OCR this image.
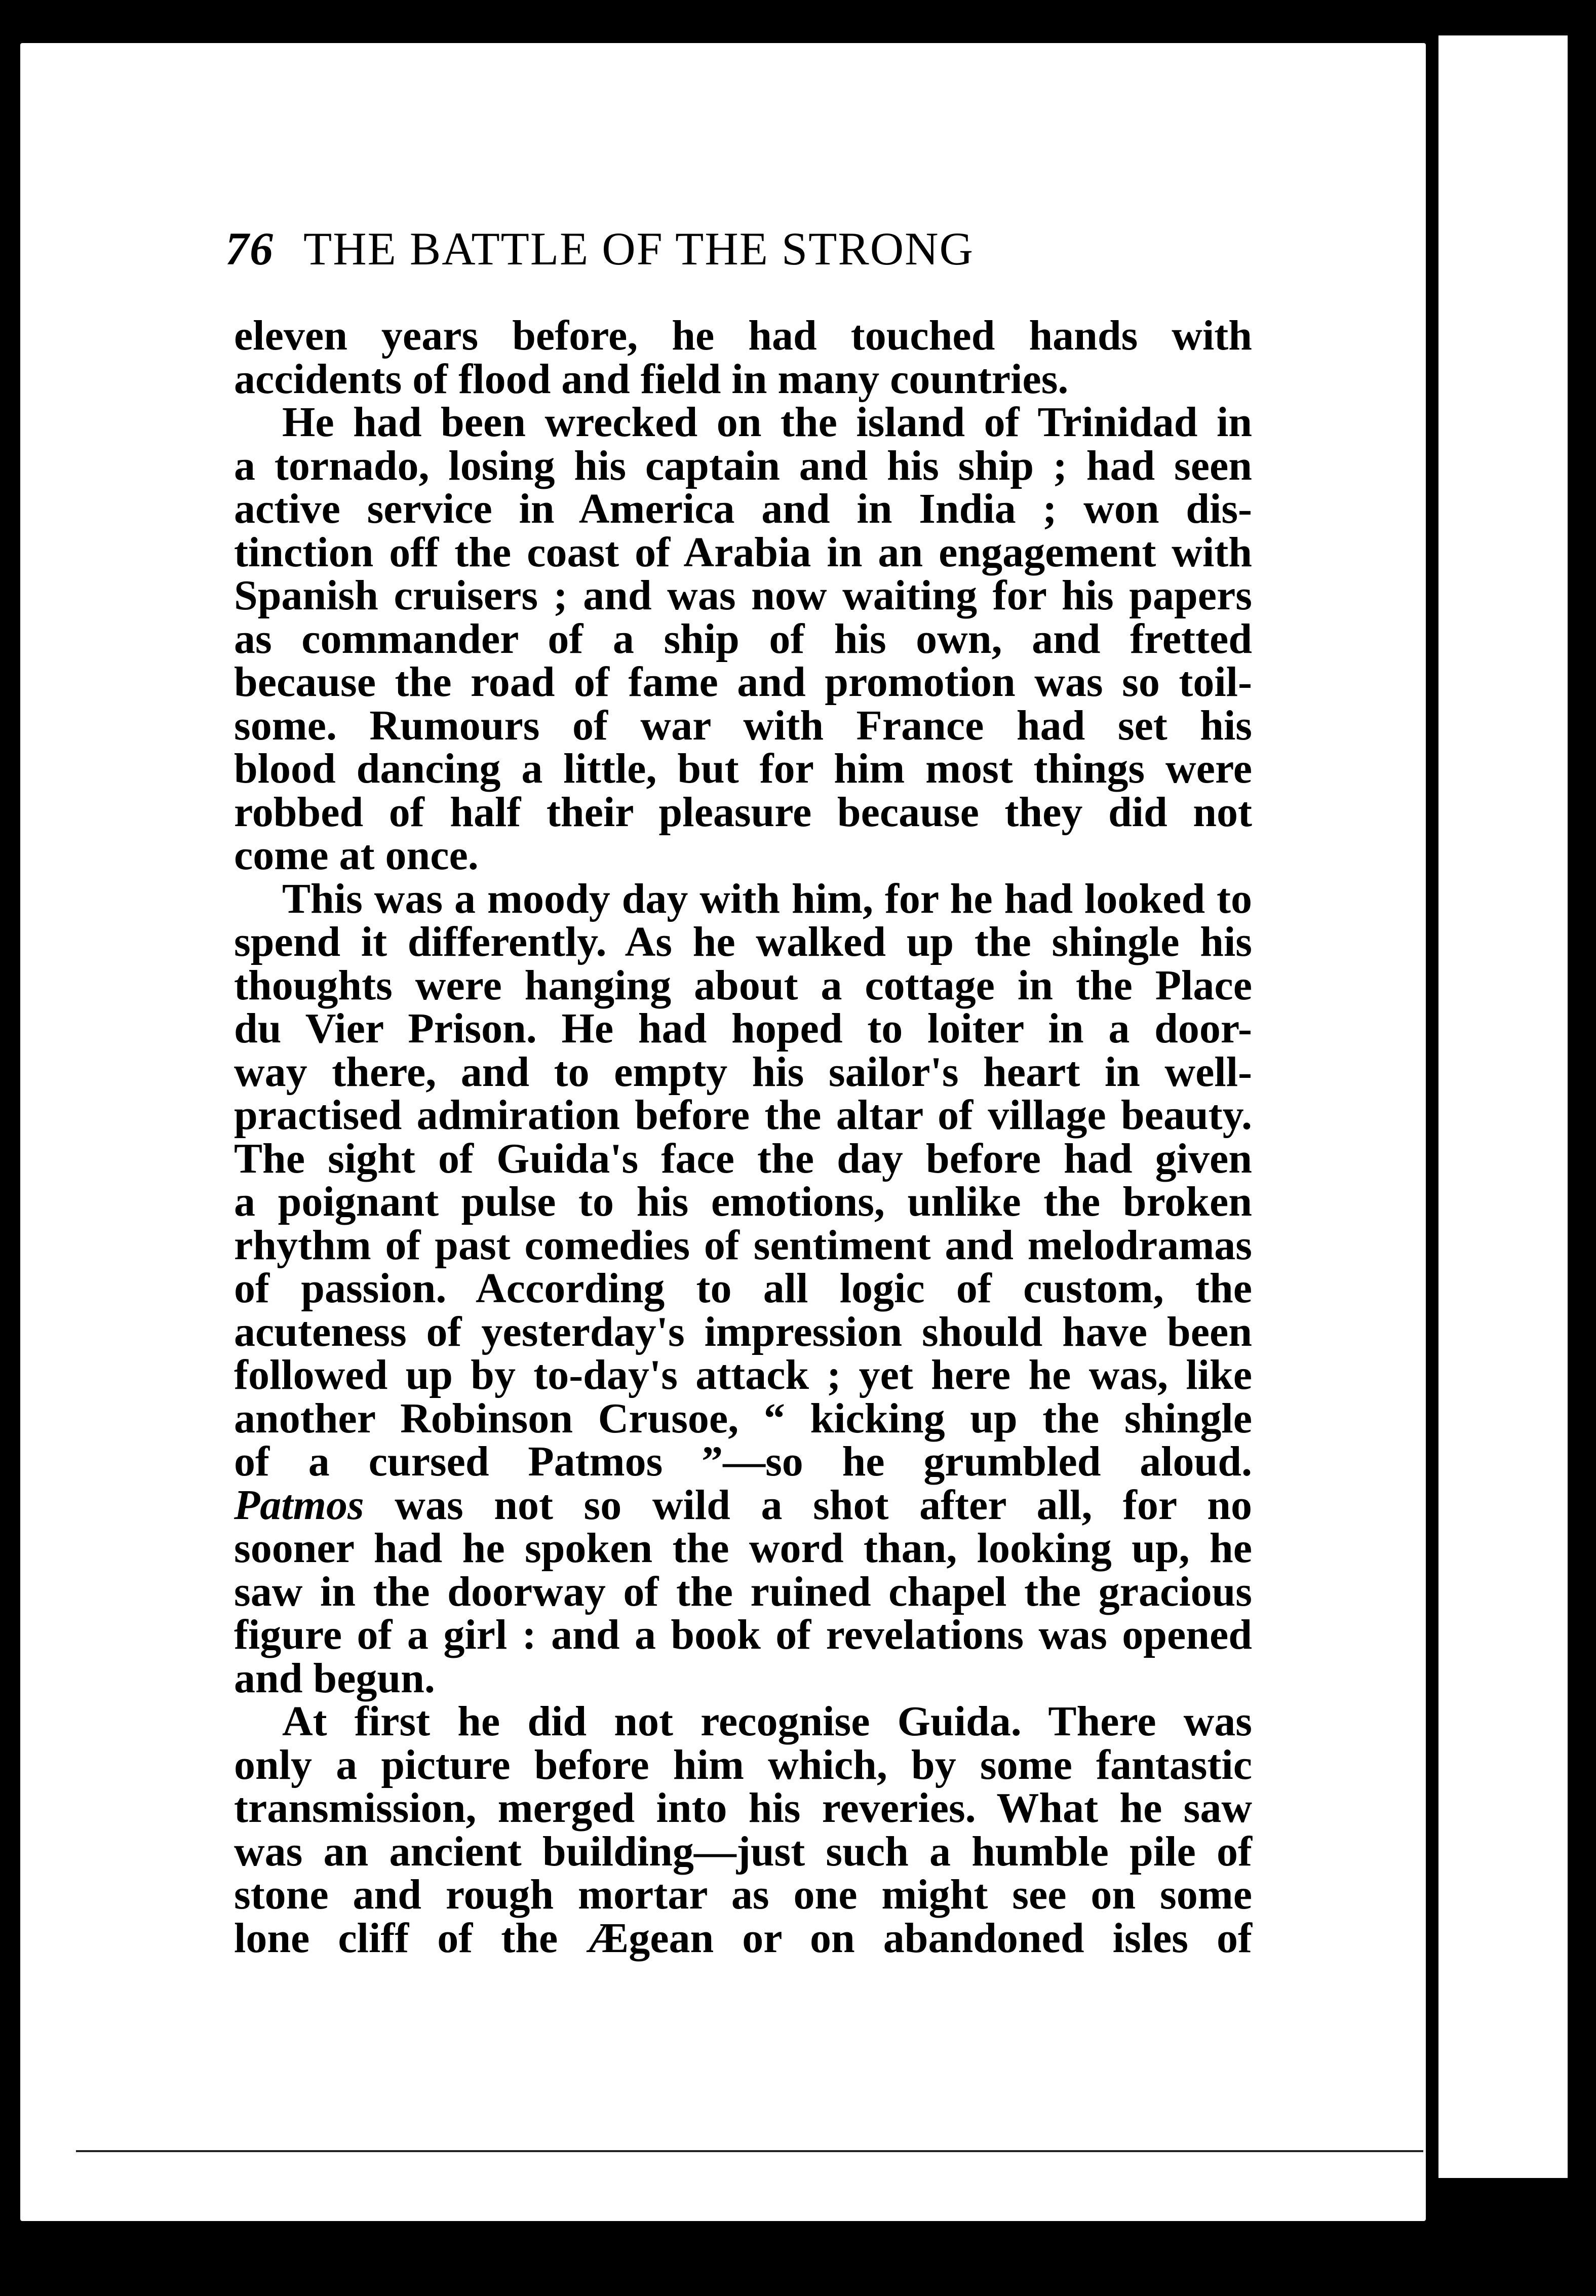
76 THE BATTLE OF THE STRONG
eleven years before, he had touched hands with
accidents of flood and field in many countries.
He had been wrecked on the island of Trinidad in
a tornado, losing his captain and his ship ; had seen
active service in America and in India ; won dis-
tinction off the coast of Arabia in an engagement with
Spanish cruisers ; and was now waiting for his papers
as commander of a ship of his own, and fretted
because the road of fame and promotion was so toil-
some. Rumours of war with France had set his
blood dancing a little, but for him most things were
robbed of half their pleasure because they did not
come at once.
This was a moody day with him, for he had looked to
spend it differently. As he walked up the shingle his
thoughts were hanging about a cottage in the Place
du Vier Prison. He had hoped to loiter in a door-
way there, and to empty his sailor's heart in well-
practised admiration before the altar of village beauty.
The sight of Guida's face the day before had given
a poignant pulse to his emotions, unlike the broken
rhythm of past comedies of sentiment and melodramas
of passion. According to all logic of custom, the
acuteness of yesterday's impression should have been
followed up by to-day's attack ; yet here he was, like
another Robinson Crusoe, “ kicking up the shingle
of a cursed Patmos ”—so he grumbled aloud.
Patmos was not so wild a shot after all, for no
sooner had he spoken the word than, looking up, he
saw in the doorway of the ruined chapel the gracious
figure of a girl : and a book of revelations was opened
and begun.
At first he did not recognise Guida. There was
only a picture before him which, by some fantastic
transmission, merged into his reveries. What he saw
was an ancient building—just such a humble pile of
stone and rough mortar as one might see on some
lone cliff of the Ægean or on abandoned isles of
